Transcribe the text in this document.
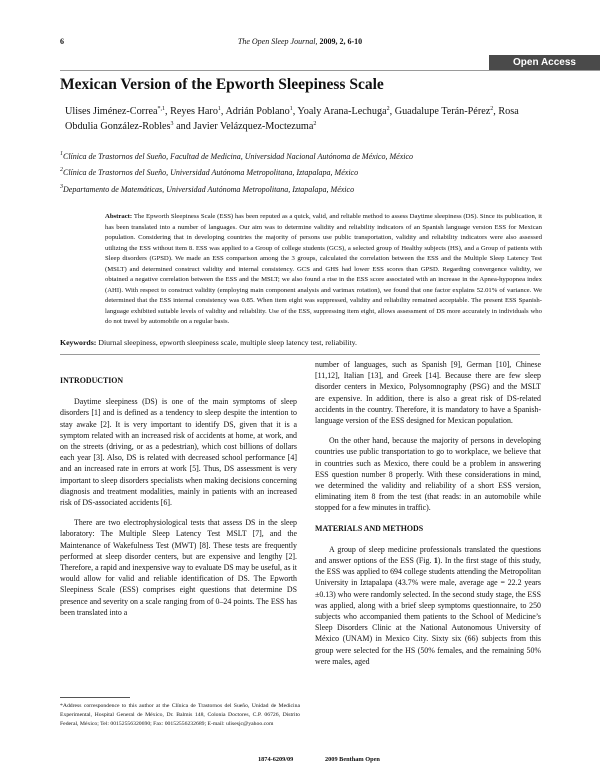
6	The Open Sleep Journal, 2009, 2, 6-10
Open Access
Mexican Version of the Epworth Sleepiness Scale
Ulises Jiménez-Correa$^{*,1}$, Reyes Haro$^1$, Adrián Poblano$^1$, Yoaly Arana-Lechuga$^2$, Guadalupe Terán-Pérez$^2$, Rosa Obdulia González-Robles$^3$ and Javier Velázquez-Moctezuma$^2$
$^1$Clínica de Trastornos del Sueño, Facultad de Medicina, Universidad Nacional Autónoma de México, México
$^2$Clínica de Trastornos del Sueño, Universidad Autónoma Metropolitana, Iztapalapa, México
$^3$Departamento de Matemáticas, Universidad Autónoma Metropolitana, Iztapalapa, México
Abstract: The Epworth Sleepiness Scale (ESS) has been reputed as a quick, valid, and reliable method to assess Daytime sleepiness (DS). Since its publication, it has been translated into a number of languages. Our aim was to determine validity and reliability indicators of an Spanish language version ESS for Mexican population. Considering that in developing countries the majority of persons use public transportation, validity and reliability indicators were also assessed utilizing the ESS without item 8. ESS was applied to a Group of college students (GCS), a selected group of Healthy subjects (HS), and a Group of patients with Sleep disorders (GPSD). We made an ESS comparison among the 3 groups, calculated the correlation between the ESS and the Multiple Sleep Latency Test (MSLT) and determined construct validity and internal consistency. GCS and GHS had lower ESS scores than GPSD. Regarding convergence validity, we obtained a negative correlation between the ESS and the MSLT; we also found a rise in the ESS score associated with an increase in the Apnea-hypopnea index (AHI). With respect to construct validity (employing main component analysis and varimax rotation), we found that one factor explains 52.01% of variance. We determined that the ESS internal consistency was 0.85. When item eight was suppressed, validity and reliability remained acceptable. The present ESS Spanish-language exhibited suitable levels of validity and reliability. Use of the ESS, suppressing item eight, allows assessment of DS more accurately in individuals who do not travel by automobile on a regular basis.
Keywords: Diurnal sleepiness, epworth sleepiness scale, multiple sleep latency test, reliability.
INTRODUCTION

Daytime sleepiness (DS) is one of the main symptoms of sleep disorders [1] and is defined as a tendency to sleep despite the intention to stay awake [2]. It is very important to identify DS, given that it is a symptom related with an increased risk of accidents at home, at work, and on the streets (driving, or as a pedestrian), which cost billions of dollars each year [3]. Also, DS is related with decreased school performance [4] and an increased rate in errors at work [5]. Thus, DS assessment is very important to sleep disorders specialists when making decisions concerning diagnosis and treatment modalities, mainly in patients with an increased risk of DS-associated accidents [6].

There are two electrophysiological tests that assess DS in the sleep laboratory: The Multiple Sleep Latency Test MSLT [7], and the Maintenance of Wakefulness Test (MWT) [8]. These tests are frequently performed at sleep disorder centers, but are expensive and lengthy [2]. Therefore, a rapid and inexpensive way to evaluate DS may be useful, as it would allow for valid and reliable identification of DS. The Epworth Sleepiness Scale (ESS) comprises eight questions that determine DS presence and severity on a scale ranging from of 0–24 points. The ESS has been translated into a

number of languages, such as Spanish [9], German [10], Chinese [11,12], Italian [13], and Greek [14]. Because there are few sleep disorder centers in Mexico, Polysomnography (PSG) and the MSLT are expensive. In addition, there is also a great risk of DS-related accidents in the country. Therefore, it is mandatory to have a Spanish-language version of the ESS designed for Mexican population.

On the other hand, because the majority of persons in developing countries use public transportation to go to workplace, we believe that in countries such as Mexico, there could be a problem in answering ESS question number 8 properly. With these considerations in mind, we determined the validity and reliability of a short ESS version, eliminating item 8 from the test (that reads: in an automobile while stopped for a few minutes in traffic).

MATERIALS AND METHODS

A group of sleep medicine professionals translated the questions and answer options of the ESS (Fig. 1). In the first stage of this study, the ESS was applied to 694 college students attending the Metropolitan University in Iztapalapa (43.7% were male, average age = 22.2 years ±0.13) who were randomly selected. In the second study stage, the ESS was applied, along with a brief sleep symptoms questionnaire, to 250 subjects who accompanied them patients to the School of Medicine’s Sleep Disorders Clinic at the National Autonomous University of México (UNAM) in Mexico City. Sixty six (66) subjects from this group were selected for the HS (50% females, and the remaining 50% were males, aged

*Address correspondence to this author at the Clínica de Trastornos del Sueño, Unidad de Medicina Experimental, Hospital General de México, Dr. Balmis 148, Colonia Doctores, C.P. 06726, Distrito Federal, México; Tel: 00152556320690; Fax: 00152556232689; E-mail: ulisesjc@yahoo.com
1874-6209/09	2009 Bentham Open
